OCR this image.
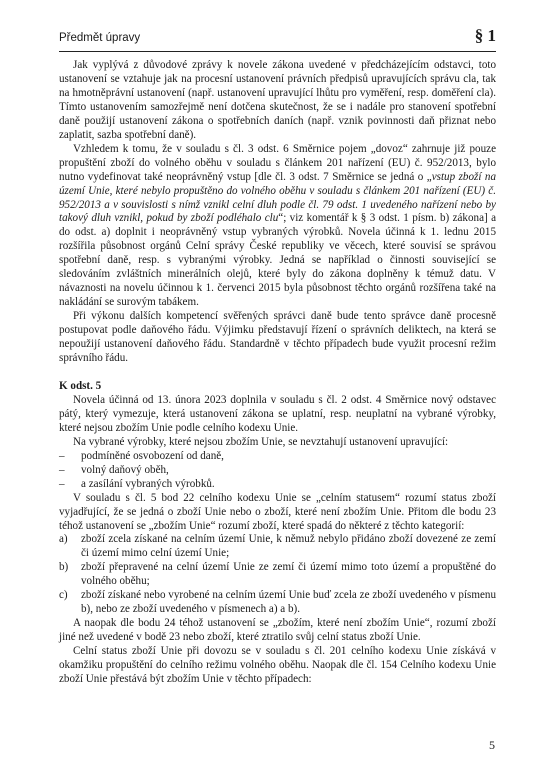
Předmět úpravy	§ 1

Jak vyplývá z důvodové zprávy k novele zákona uvedené v předcházejícím odstavci, toto ustanovení se vztahuje jak na procesní ustanovení právních předpisů upravujících správu cla, tak na hmotněprávní ustanovení (např. ustanovení upravující lhůtu pro vyměření, resp. doměření cla). Tímto ustanovením samozřejmě není dotčena skutečnost, že se i nadále pro stanovení spotřební daně použijí ustanovení zákona o spotřebních daních (např. vznik povinnosti daň přiznat nebo zaplatit, sazba spotřební daně).

Vzhledem k tomu, že v souladu s čl. 3 odst. 6 Směrnice pojem „dovoz“ zahrnuje již pouze propuštění zboží do volného oběhu v souladu s článkem 201 nařízení (EU) č. 952/2013, bylo nutno vydefinovat také neoprávněný vstup [dle čl. 3 odst. 7 Směrnice se jedná o „vstup zboží na území Unie, které nebylo propuštěno do volného oběhu v souladu s článkem 201 nařízení (EU) č. 952/2013 a v souvislosti s nímž vznikl celní dluh podle čl. 79 odst. 1 uvedeného nařízení nebo by takový dluh vznikl, pokud by zboží podléhalo clu“; viz komentář k § 3 odst. 1 písm. b) zákona] a do odst. a) doplnit i neoprávněný vstup vybraných výrobků. Novela účinná k 1. lednu 2015 rozšířila působnost orgánů Celní správy České republiky ve věcech, které souvisí se správou spotřební daně, resp. s vybranými výrobky. Jedná se například o činnosti související se sledováním zvláštních minerálních olejů, které byly do zákona doplněny k témuž datu. V návaznosti na novelu účinnou k 1. červenci 2015 byla působnost těchto orgánů rozšířena také na nakládání se surovým tabákem.

Při výkonu dalších kompetencí svěřených správci daně bude tento správce daně procesně postupovat podle daňového řádu. Výjimku představují řízení o správních deliktech, na která se nepoužijí ustanovení daňového řádu. Standardně v těchto případech bude využit procesní režim správního řádu.

K odst. 5

Novela účinná od 13. února 2023 doplnila v souladu s čl. 2 odst. 4 Směrnice nový odstavec pátý, který vymezuje, která ustanovení zákona se uplatní, resp. neuplatní na vybrané výrobky, které nejsou zbožím Unie podle celního kodexu Unie.

Na vybrané výrobky, které nejsou zbožím Unie, se nevztahují ustanovení upravující:

– podmíněné osvobození od daně,
– volný daňový oběh,
– a zasílání vybraných výrobků.

V souladu s čl. 5 bod 22 celního kodexu Unie se „celním statusem“ rozumí status zboží vyjadřující, že se jedná o zboží Unie nebo o zboží, které není zbožím Unie. Přitom dle bodu 23 téhož ustanovení se „zbožím Unie“ rozumí zboží, které spadá do některé z těchto kategorií:

a) zboží zcela získané na celním území Unie, k němuž nebylo přidáno zboží dovezené ze zemí či území mimo celní území Unie;
b) zboží přepravené na celní území Unie ze zemí či území mimo toto území a propuštěné do volného oběhu;
c) zboží získané nebo vyrobené na celním území Unie buď zcela ze zboží uvedeného v písmenu b), nebo ze zboží uvedeného v písmenech a) a b).

A naopak dle bodu 24 téhož ustanovení se „zbožím, které není zbožím Unie“, rozumí zboží jiné než uvedené v bodě 23 nebo zboží, které ztratilo svůj celní status zboží Unie.

Celní status zboží Unie při dovozu se v souladu s čl. 201 celního kodexu Unie získává v okamžiku propuštění do celního režimu volného oběhu. Naopak dle čl. 154 Celního kodexu Unie zboží Unie přestává být zbožím Unie v těchto případech:

5
